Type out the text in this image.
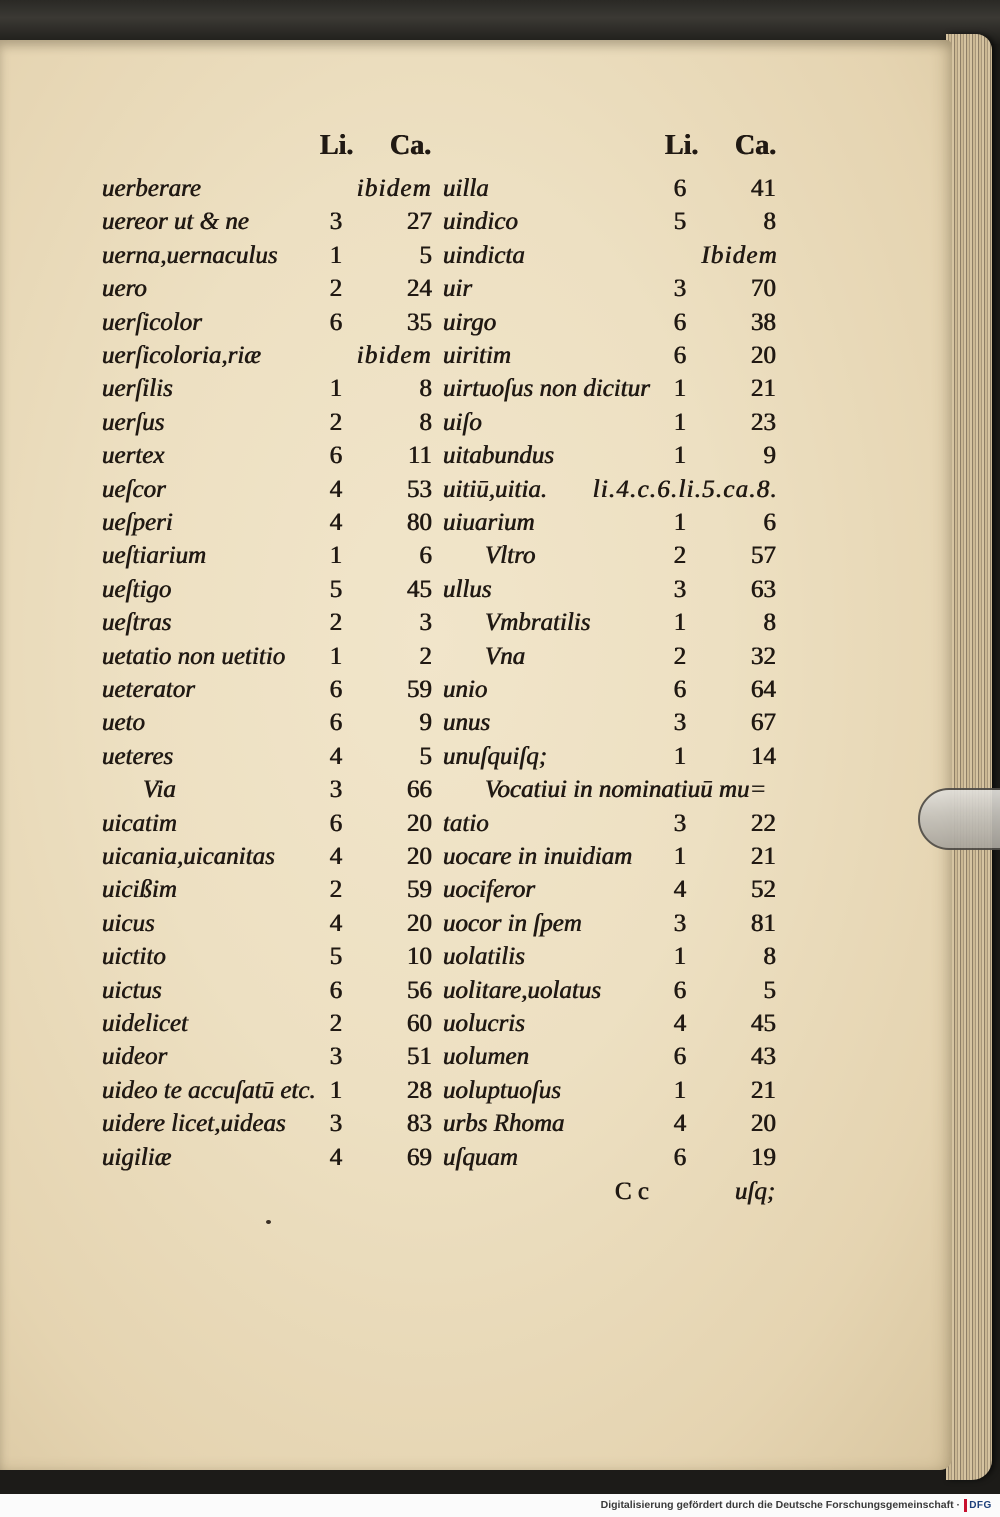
Li. Ca.	Li. Ca.
uerberare	ibidem
uereor ut & ne	3	27
uerna,uernaculus	1	5
uero	2	24
uerſicolor	6	35
uerſicoloria,riæ	ibidem
uerſilis	1	8
uerſus	2	8
uertex	6	11
ueſcor	4	53
ueſperi	4	80
ueſtiarium	1	6
ueſtigo	5	45
ueſtras	2	3
uetatio non uetitio	1	2
ueterator	6	59
ueto	6	9
ueteres	4	5
Via	3	66
uicatim	6	20
uicania,uicanitas	4	20
uicißim	2	59
uicus	4	20
uictito	5	10
uictus	6	56
uidelicet	2	60
uideor	3	51
uideo te accuſatū etc. 1	28
uidere licet,uideas	3	83
uigiliæ	4	69
uilla	6	41
uindico	5	8
uindicta	Ibidem
uir	3	70
uirgo	6	38
uiritim	6	20
uirtuoſus non dicitur 1	21
uiſo	1	23
uitabundus	1	9
uitiū,uitia.	li.4.c.6.li.5.ca.8.
uiuarium	1	6
Vltro	2	57
ullus	3	63
Vmbratilis	1	8
Vna	2	32
unio	6	64
unus	3	67
unuſquiſq;	1	14
Vocatiui in nominatiuū mu=
tatio	3	22
uocare in inuidiam	1	21
uociferor	4	52
uocor in ſpem	3	81
uolatilis	1	8
uolitare,uolatus	6	5
uolucris	4	45
uolumen	6	43
uoluptuoſus	1	21
urbs Rhoma	4	20
uſquam	6	19
C c	uſq;
Digitalisierung gefördert durch die Deutsche Forschungsgemeinschaft · DFG
